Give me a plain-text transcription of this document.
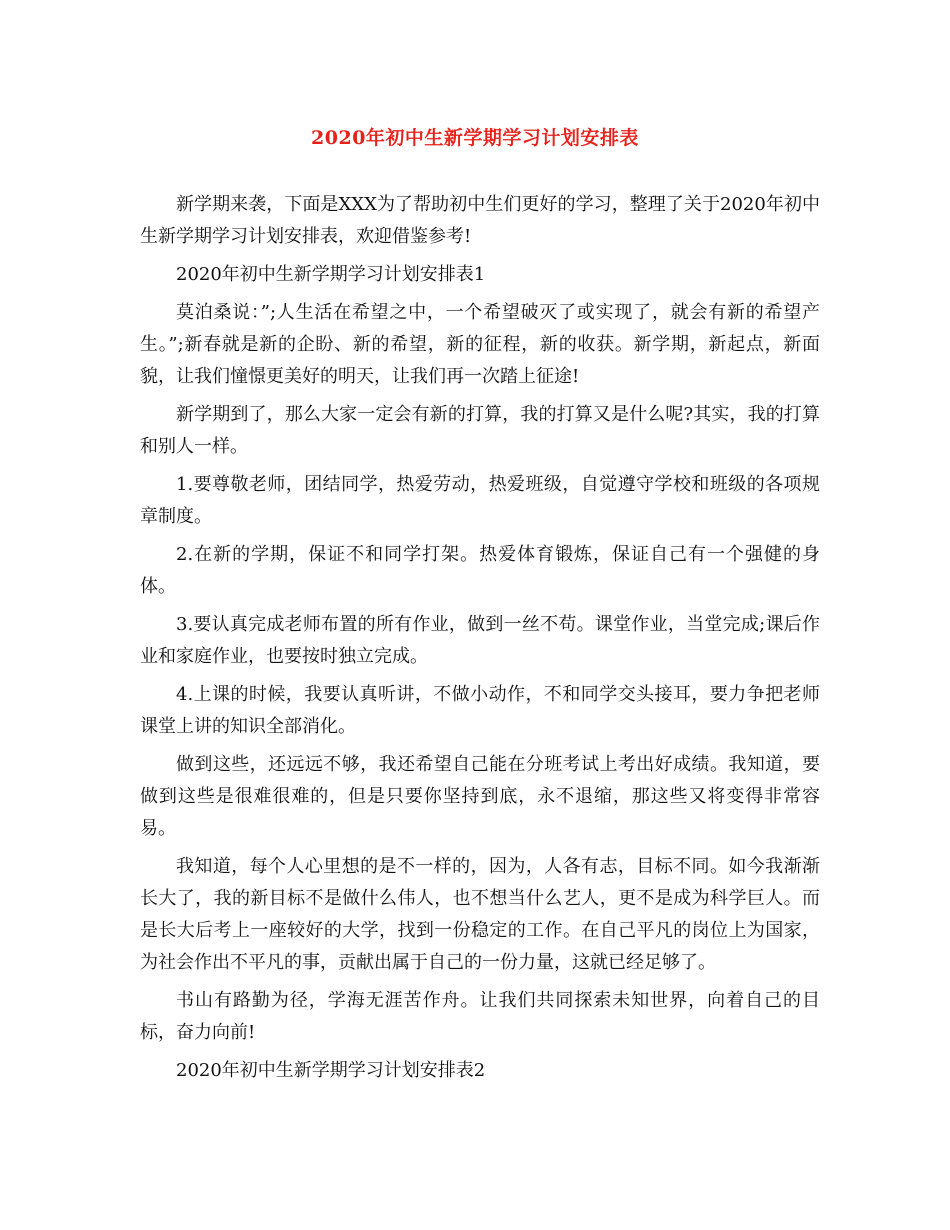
2020年初中生新学期学习计划安排表

新学期来袭，下面是XXX为了帮助初中生们更好的学习，整理了关于2020年初中生新学期学习计划安排表，欢迎借鉴参考!

2020年初中生新学期学习计划安排表1

莫泊桑说：”;人生活在希望之中，一个希望破灭了或实现了，就会有新的希望产生。”;新春就是新的企盼、新的希望，新的征程，新的收获。新学期，新起点，新面貌，让我们憧憬更美好的明天，让我们再一次踏上征途!

新学期到了，那么大家一定会有新的打算，我的打算又是什么呢?其实，我的打算和别人一样。

1.要尊敬老师，团结同学，热爱劳动，热爱班级，自觉遵守学校和班级的各项规章制度。

2.在新的学期，保证不和同学打架。热爱体育锻炼，保证自己有一个强健的身体。

3.要认真完成老师布置的所有作业，做到一丝不苟。课堂作业，当堂完成;课后作业和家庭作业，也要按时独立完成。

4.上课的时候，我要认真听讲，不做小动作，不和同学交头接耳，要力争把老师课堂上讲的知识全部消化。

做到这些，还远远不够，我还希望自己能在分班考试上考出好成绩。我知道，要做到这些是很难很难的，但是只要你坚持到底，永不退缩，那这些又将变得非常容易。

我知道，每个人心里想的是不一样的，因为，人各有志，目标不同。如今我渐渐长大了，我的新目标不是做什么伟人，也不想当什么艺人，更不是成为科学巨人。而是长大后考上一座较好的大学，找到一份稳定的工作。在自己平凡的岗位上为国家，为社会作出不平凡的事，贡献出属于自己的一份力量，这就已经足够了。

书山有路勤为径，学海无涯苦作舟。让我们共同探索未知世界，向着自己的目标，奋力向前!

2020年初中生新学期学习计划安排表2
